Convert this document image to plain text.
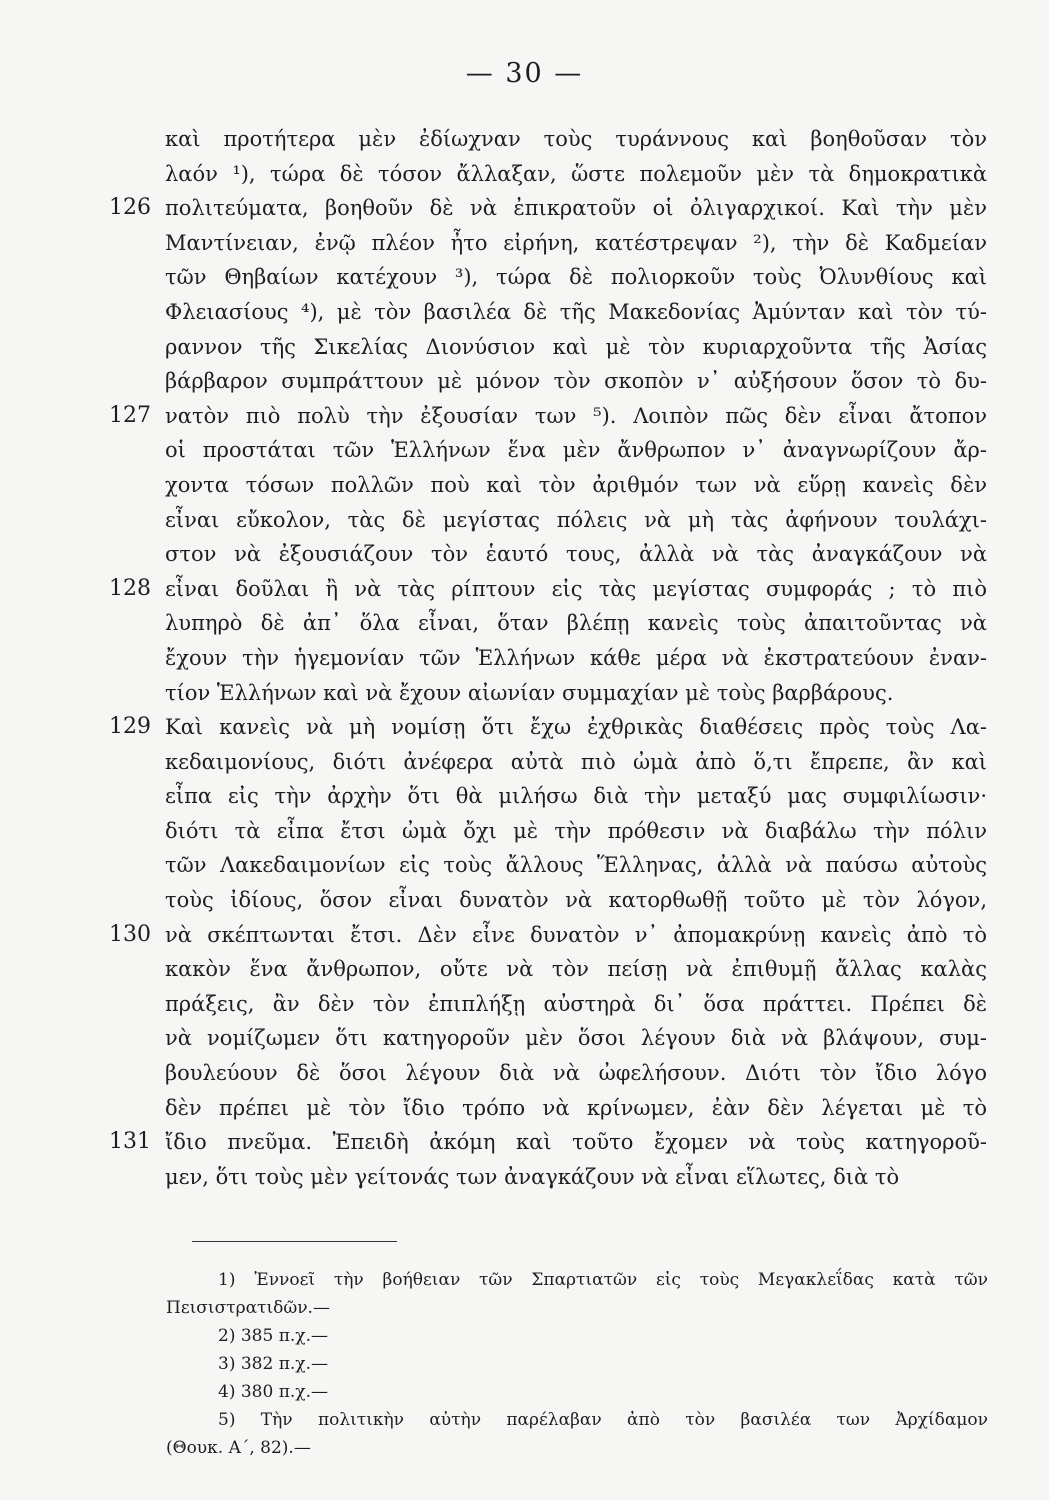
— 30 —
καὶ προτήτερα μὲν ἐδίωχναν τοὺς τυράννους καὶ βοηθοῦσαν τὸν
λαόν ¹), τώρα δὲ τόσον ἄλλαξαν, ὥστε πολεμοῦν μὲν τὰ δημοκρατικὰ
126 πολιτεύματα, βοηθοῦν δὲ νὰ ἐπικρατοῦν οἱ ὀλιγαρχικοί. Καὶ τὴν μὲν
Μαντίνειαν, ἐνῷ πλέον ἦτο εἰρήνη, κατέστρεψαν ²), τὴν δὲ Καδμείαν
τῶν Θηβαίων κατέχουν ³), τώρα δὲ πολιορκοῦν τοὺς Ὀλυνθίους καὶ
Φλειασίους ⁴), μὲ τὸν βασιλέα δὲ τῆς Μακεδονίας Ἀμύνταν καὶ τὸν τύ-
ραννον τῆς Σικελίας Διονύσιον καὶ μὲ τὸν κυριαρχοῦντα τῆς Ἀσίας
βάρβαρον συμπράττουν μὲ μόνον τὸν σκοπὸν ν᾽ αὐξήσουν ὅσον τὸ δυ-
127 νατὸν πιὸ πολὺ τὴν ἐξουσίαν των ⁵). Λοιπὸν πῶς δὲν εἶναι ἄτοπον
οἱ προστάται τῶν Ἑλλήνων ἕνα μὲν ἄνθρωπον ν᾽ ἀναγνωρίζουν ἄρ-
χοντα τόσων πολλῶν ποὺ καὶ τὸν ἀριθμόν των νὰ εὕρῃ κανεὶς δὲν
εἶναι εὔκολον, τὰς δὲ μεγίστας πόλεις νὰ μὴ τὰς ἀφήνουν τουλάχι-
στον νὰ ἐξουσιάζουν τὸν ἑαυτό τους, ἀλλὰ νὰ τὰς ἀναγκάζουν νὰ
128 εἶναι δοῦλαι ἢ νὰ τὰς ρίπτουν εἰς τὰς μεγίστας συμφοράς ; τὸ πιὸ
λυπηρὸ δὲ ἀπ᾽ ὅλα εἶναι, ὅταν βλέπῃ κανεὶς τοὺς ἀπαιτοῦντας νὰ
ἔχουν τὴν ἡγεμονίαν τῶν Ἑλλήνων κάθε μέρα νὰ ἐκστρατεύουν ἐναν-
τίον Ἑλλήνων καὶ νὰ ἔχουν αἰωνίαν συμμαχίαν μὲ τοὺς βαρβάρους.
129 Καὶ κανεὶς νὰ μὴ νομίσῃ ὅτι ἔχω ἐχθρικὰς διαθέσεις πρὸς τοὺς Λα-
κεδαιμονίους, διότι ἀνέφερα αὐτὰ πιὸ ὠμὰ ἀπὸ ὅ,τι ἔπρεπε, ἂν καὶ
εἶπα εἰς τὴν ἀρχὴν ὅτι θὰ μιλήσω διὰ τὴν μεταξύ μας συμφιλίωσιν·
διότι τὰ εἶπα ἔτσι ὠμὰ ὄχι μὲ τὴν πρόθεσιν νὰ διαβάλω τὴν πόλιν
τῶν Λακεδαιμονίων εἰς τοὺς ἄλλους Ἕλληνας, ἀλλὰ νὰ παύσω αὐτοὺς
τοὺς ἰδίους, ὅσον εἶναι δυνατὸν νὰ κατορθωθῇ τοῦτο μὲ τὸν λόγον,
130 νὰ σκέπτωνται ἔτσι. Δὲν εἶνε δυνατὸν ν᾽ ἀπομακρύνῃ κανεὶς ἀπὸ τὸ
κακὸν ἕνα ἄνθρωπον, οὔτε νὰ τὸν πείσῃ νὰ ἐπιθυμῇ ἄλλας καλὰς
πράξεις, ἂν δὲν τὸν ἐπιπλήξῃ αὐστηρὰ δι᾽ ὅσα πράττει. Πρέπει δὲ
νὰ νομίζωμεν ὅτι κατηγοροῦν μὲν ὅσοι λέγουν διὰ νὰ βλάψουν, συμ-
βουλεύουν δὲ ὅσοι λέγουν διὰ νὰ ὠφελήσουν. Διότι τὸν ἴδιο λόγο
δὲν πρέπει μὲ τὸν ἴδιο τρόπο νὰ κρίνωμεν, ἐὰν δὲν λέγεται μὲ τὸ
131 ἴδιο πνεῦμα. Ἐπειδὴ ἀκόμη καὶ τοῦτο ἔχομεν νὰ τοὺς κατηγοροῦ-
μεν, ὅτι τοὺς μὲν γείτονάς των ἀναγκάζουν νὰ εἶναι εἵλωτες, διὰ τὸ
1) Ἐννοεῖ τὴν βοήθειαν τῶν Σπαρτιατῶν εἰς τοὺς Μεγακλεΐδας κατὰ τῶν
Πεισιστρατιδῶν.—
2) 385 π.χ.—
3) 382 π.χ.—
4) 380 π.χ.—
5) Τὴν πολιτικὴν αὐτὴν παρέλαβαν ἀπὸ τὸν βασιλέα των Ἀρχίδαμον
(Θουκ. Α΄, 82).—
